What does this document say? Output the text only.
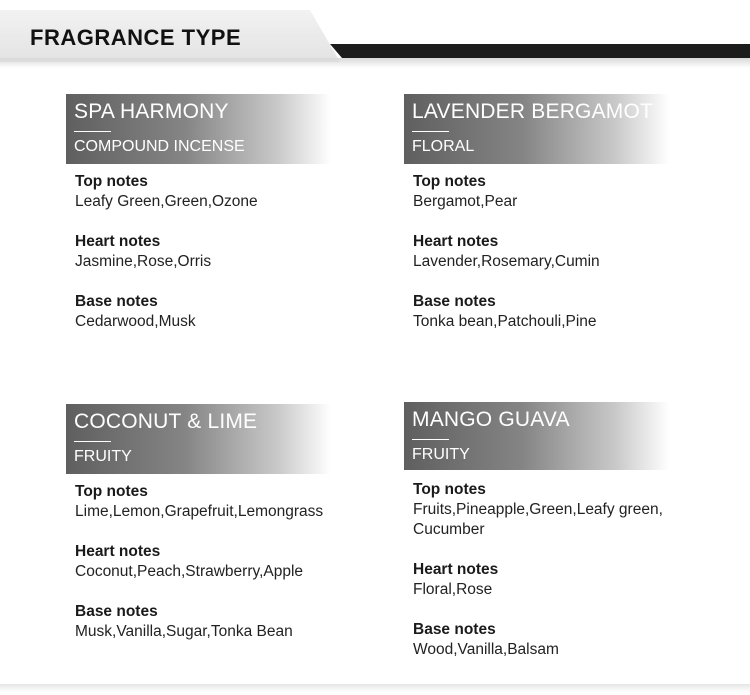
FRAGRANCE TYPE
SPA HARMONY
COMPOUND INCENSE
Top notes
Leafy Green,Green,Ozone
Heart notes
Jasmine,Rose,Orris
Base notes
Cedarwood,Musk
LAVENDER BERGAMOT
FLORAL
Top notes
Bergamot,Pear
Heart notes
Lavender,Rosemary,Cumin
Base notes
Tonka bean,Patchouli,Pine
COCONUT & LIME
FRUITY
Top notes
Lime,Lemon,Grapefruit,Lemongrass
Heart notes
Coconut,Peach,Strawberry,Apple
Base notes
Musk,Vanilla,Sugar,Tonka Bean
MANGO GUAVA
FRUITY
Top notes
Fruits,Pineapple,Green,Leafy green, Cucumber
Heart notes
Floral,Rose
Base notes
Wood,Vanilla,Balsam
